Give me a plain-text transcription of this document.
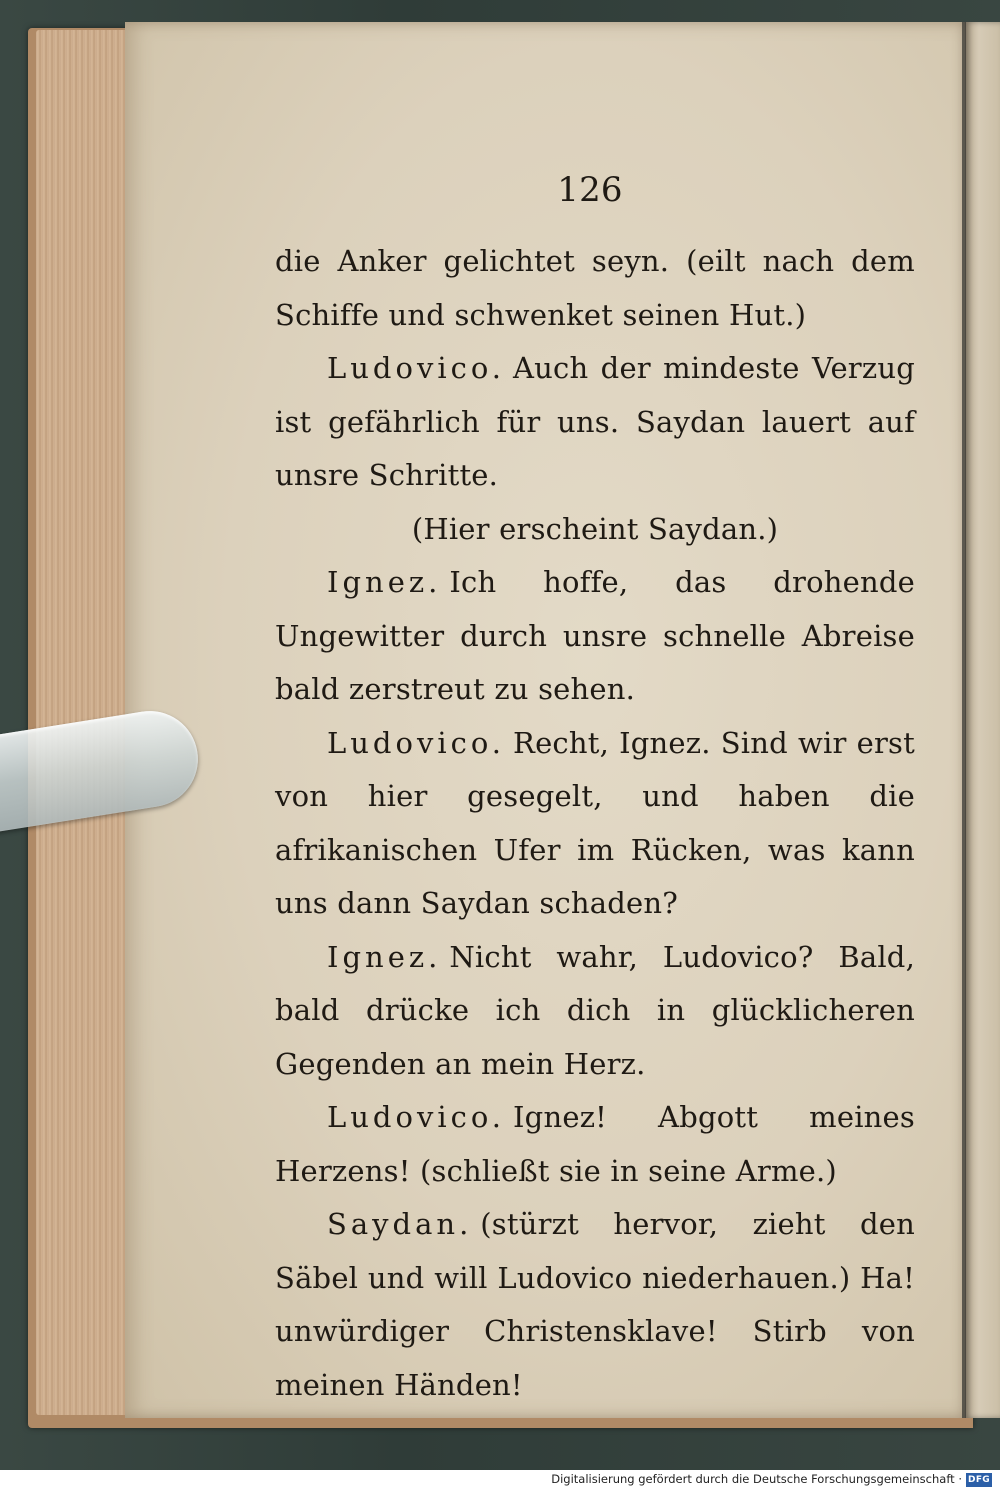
126

die Anker gelichtet seyn. (eilt nach dem Schiffe und schwenket seinen Hut.)

Ludovico. Auch der mindeste Verzug ist gefährlich für uns. Saydan lauert auf unsre Schritte.

(Hier erscheint Saydan.)

Ignez. Ich hoffe, das drohende Ungewitter durch unsre schnelle Abreise bald zerstreut zu sehen.

Ludovico. Recht, Ignez. Sind wir erst von hier gesegelt, und haben die afrikanischen Ufer im Rücken, was kann uns dann Saydan schaden?

Ignez. Nicht wahr, Ludovico? Bald, bald drücke ich dich in glücklicheren Gegenden an mein Herz.

Ludovico. Ignez! Abgott meines Herzens! (schließt sie in seine Arme.)

Saydan. (stürzt hervor, zieht den Säbel und will Ludovico niederhauen.) Ha! unwürdiger Christensklave! Stirb von meinen Händen!

Digitalisierung gefördert durch die Deutsche Forschungsgemeinschaft · DFG
